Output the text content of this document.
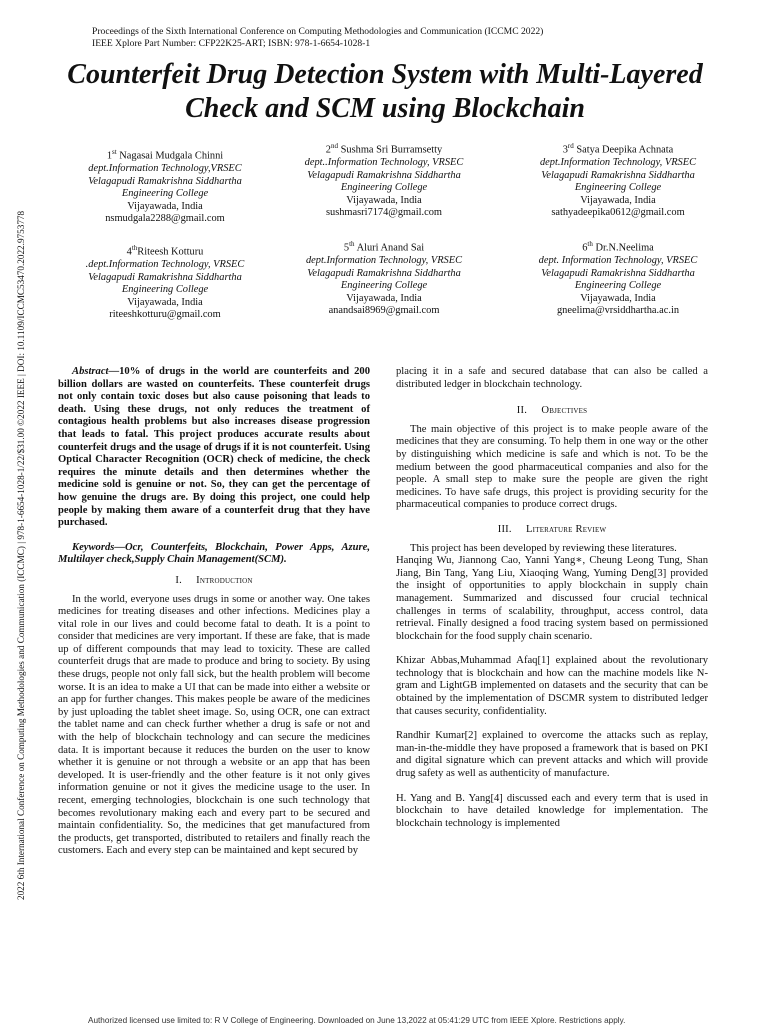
Proceedings of the Sixth International Conference on Computing Methodologies and Communication (ICCMC 2022)
IEEE Xplore Part Number: CFP22K25-ART; ISBN: 978-1-6654-1028-1
Counterfeit Drug Detection System with Multi-Layered Check and SCM using Blockchain
2022 6th International Conference on Computing Methodologies and Communication (ICCMC) | 978-1-6654-1028-1/22/$31.00 ©2022 IEEE | DOI: 10.1109/ICCMC53470.2022.9753778
1st Nagasai Mudgala Chinni
dept.Information Technology,VRSEC
Velagapudi Ramakrishna Siddhartha
Engineering College
Vijayawada, India
nsmudgala2288@gmail.com
2nd Sushma Sri Burramsetty
dept..Information Technology, VRSEC
Velagapudi Ramakrishna Siddhartha
Engineering College
Vijayawada, India
sushmasri7174@gmail.com
3rd Satya Deepika Achnata
dept.Information Technology, VRSEC
Velagapudi Ramakrishna Siddhartha
Engineering College
Vijayawada, India
sathyadeepika0612@gmail.com
4thRiteesh Kotturu
.dept.Information Technology, VRSEC
Velagapudi Ramakrishna Siddhartha
Engineering College
Vijayawada, India
riteeshkotturu@gmail.com
5th Aluri Anand Sai
dept.Information Technology, VRSEC
Velagapudi Ramakrishna Siddhartha
Engineering College
Vijayawada, India
anandsai8969@gmail.com
6th Dr.N.Neelima
dept. Information Technology, VRSEC
Velagapudi Ramakrishna Siddhartha
Engineering College
Vijayawada, India
gneelima@vrsiddhartha.ac.in

Abstract—10% of drugs in the world are counterfeits and 200 billion dollars are wasted on counterfeits. These counterfeit drugs not only contain toxic doses but also cause poisoning that leads to death. Using these drugs, not only reduces the treatment of contagious health problems but also increases disease progression that leads to fatal. This project produces accurate results about counterfeit drugs and the usage of drugs if it is not counterfeit. Using Optical Character Recognition (OCR) check of medicine, the check requires the minute details and then determines whether the medicine sold is genuine or not. So, they can get the percentage of how genuine the drugs are. By doing this project, one could help people by making them aware of a counterfeit drug that they have purchased.

Keywords—Ocr, Counterfeits, Blockchain, Power Apps, Azure, Multilayer check,Supply Chain Management(SCM).

I. Introduction

In the world, everyone uses drugs in some or another way. One takes medicines for treating diseases and other infections. Medicines play a vital role in our lives and could become fatal to death. It is a point to consider that medicines are very important. If these are fake, that is made up of different compounds that may lead to toxicity. These are called counterfeit drugs that are made to produce and bring to society. By using these drugs, people not only fall sick, but the health problem will become worse. It is an idea to make a UI that can be made into either a website or an app for further changes. This makes people be aware of the medicines by just uploading the tablet sheet image. So, using OCR, one can extract the tablet name and can check further whether a drug is safe or not and with the help of blockchain technology and can secure the medicines data. It is important because it reduces the burden on the user to know whether it is genuine or not through a website or an app that has been developed. It is user-friendly and the other feature is it not only gives information genuine or not it gives the medicine usage to the user. In recent, emerging technologies, blockchain is one such technology that becomes revolutionary making each and every part to be secured and maintain confidentiality. So, the medicines that get manufactured from the products, get transported, distributed to retailers and finally reach the customers. Each and every step can be maintained and kept secured by

placing it in a safe and secured database that can also be called a distributed ledger in blockchain technology.

II. Objectives

The main objective of this project is to make people aware of the medicines that they are consuming. To help them in one way or the other by distinguishing which medicine is safe and which is not. To be the medium between the good pharmaceutical companies and also for the people. A small step to make sure the people are given the right medicines. To have safe drugs, this project is providing security for the pharmaceutical companies to produce correct drugs.

III. Literature Review

This project has been developed by reviewing these literatures.

Hanqing Wu, Jiannong Cao, Yanni Yang∗, Cheung Leong Tung, Shan Jiang, Bin Tang, Yang Liu, Xiaoqing Wang, Yuming Deng[3] provided the insight of opportunities to apply blockchain in supply chain management. Summarized and discussed four crucial technical challenges in terms of scalability, throughput, access control, data retrieval. Finally designed a food tracing system based on permissioned blockchain for the food supply chain scenario.

Khizar Abbas,Muhammad Afaq[1] explained about the revolutionary technology that is blockchain and how can the machine models like N-gram and LightGB implemented on datasets and the security that can be obtained by the implementation of DSCMR system to distributed ledger that causes security, confidentiality.

Randhir Kumar[2] explained to overcome the attacks such as replay, man-in-the-middle they have proposed a framework that is based on PKI and digital signature which can prevent attacks and which will provide drug safety as well as authenticity of manufacture.

H. Yang and B. Yang[4] discussed each and every term that is used in blockchain to have detailed knowledge for implementation. The blockchain technology is implemented

Authorized licensed use limited to: R V College of Engineering. Downloaded on June 13,2022 at 05:41:29 UTC from IEEE Xplore. Restrictions apply.
